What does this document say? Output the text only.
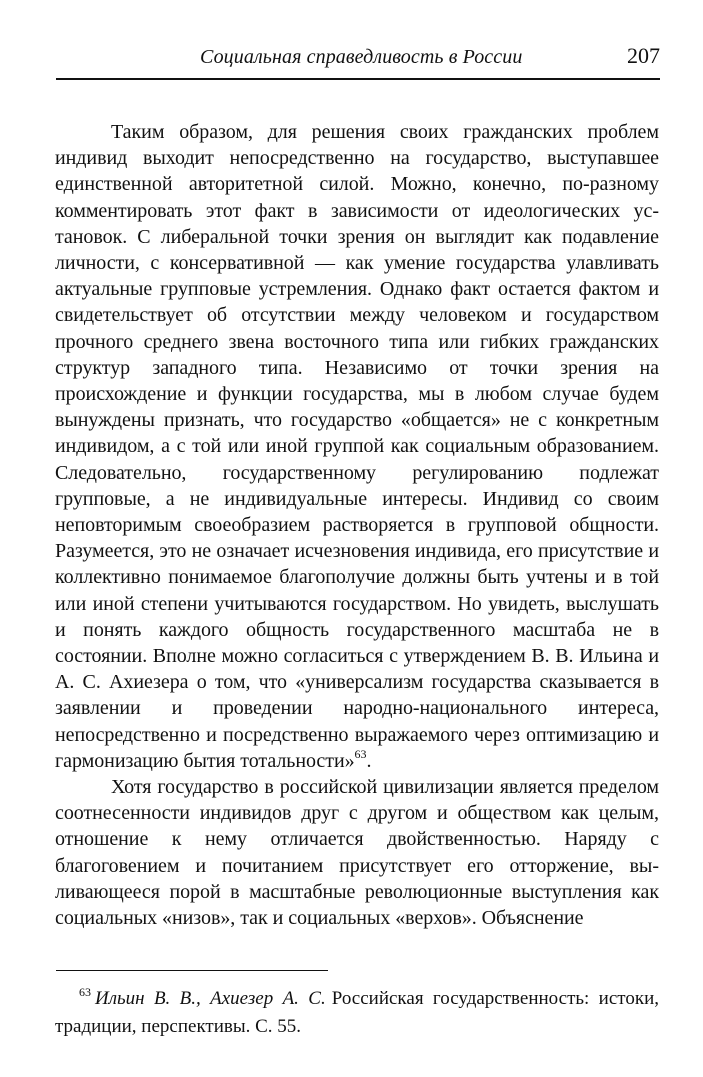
Социальная справедливость в России	207

Таким образом, для решения своих гражданских проблем индивид выходит непосредственно на государство, выступавшее единственной авторитетной силой. Можно, конечно, по-разному комментировать этот факт в зависимости от идеологических установок. С либеральной точки зрения он выглядит как подавление личности, с консервативной — как умение государства улавливать актуальные групповые устремления. Однако факт остается фактом и свидетельствует об отсутствии между человеком и государством прочного среднего звена восточного типа или гибких гражданских структур западного типа. Независимо от точки зрения на происхождение и функции государства, мы в любом случае будем вынуждены признать, что государство «общается» не с конкретным индивидом, а с той или иной группой как социальным образованием. Следовательно, государственному регулированию подлежат групповые, а не индивидуальные интересы. Индивид со своим неповторимым своеобразием растворяется в групповой общности. Разумеется, это не означает исчезновения индивида, его присутствие и коллективно понимаемое благополучие должны быть учтены и в той или иной степени учитываются государством. Но увидеть, выслушать и понять каждого общность государственного масштаба не в состоянии. Вполне можно согласиться с утверждением В. В. Ильина и А. С. Ахиезера о том, что «универсализм государства сказывается в заявлении и проведении народно-национального интереса, непосредственно и посредственно выражаемого через оптимизацию и гармонизацию бытия тотальности»$^{63}$.

Хотя государство в российской цивилизации является пределом соотнесенности индивидов друг с другом и обществом как целым, отношение к нему отличается двойственностью. Наряду с благоговением и почитанием присутствует его отторжение, выливающееся порой в масштабные революционные выступления как социальных «низов», так и социальных «верхов». Объяснение

$^{63}$ Ильин В. В., Ахиезер А. С. Российская государственность: истоки, традиции, перспективы. С. 55.
